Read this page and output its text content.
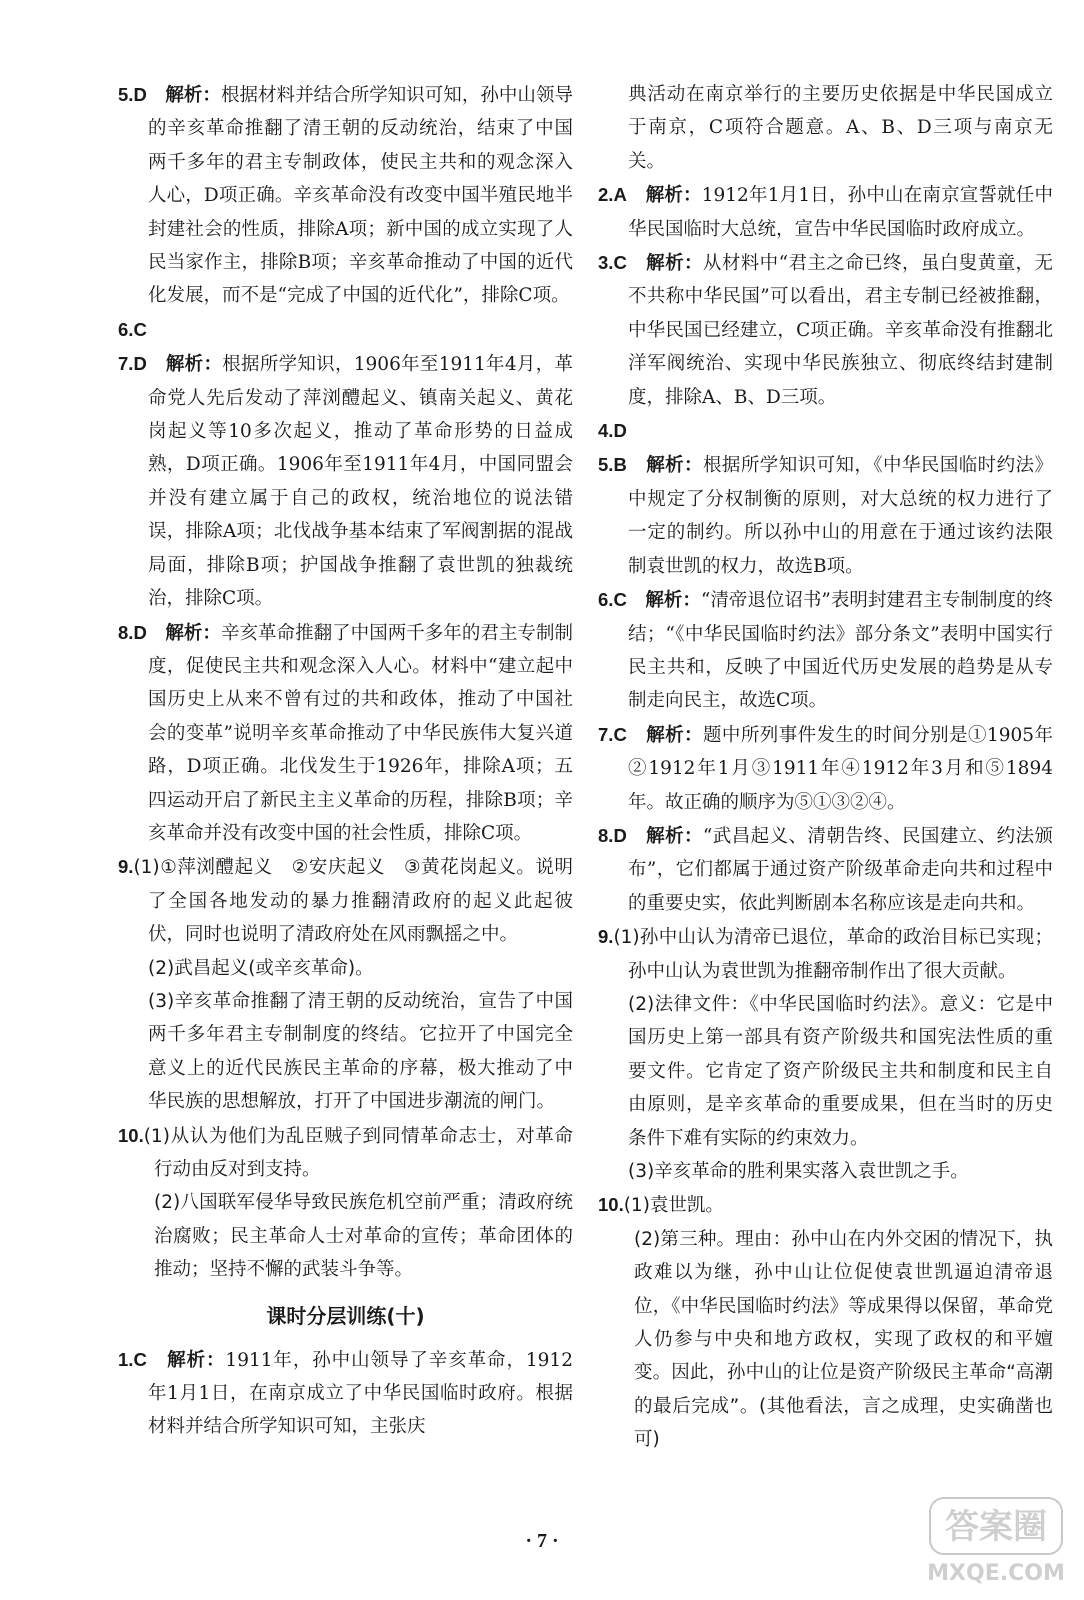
5.D　 解析：根据材料并结合所学知识可知，孙中山领导的辛亥革命推翻了清王朝的反动统治，结束了中国两千多年的君主专制政体，使民主共和的观念深入人心，D项正确。辛亥革命没有改变中国半殖民地半封建社会的性质，排除A项；新中国的成立实现了人民当家作主，排除B项；辛亥革命推动了中国的近代化发展，而不是“完成了中国的近代化”，排除C项。

6.C

7.D　 解析：根据所学知识，1906年至1911年4月，革命党人先后发动了萍浏醴起义、镇南关起义、黄花岗起义等10多次起义，推动了革命形势的日益成熟，D项正确。1906年至1911年4月，中国同盟会并没有建立属于自己的政权，统治地位的说法错误，排除A项；北伐战争基本结束了军阀割据的混战局面，排除B项；护国战争推翻了袁世凯的独裁统治，排除C项。

8.D　 解析：辛亥革命推翻了中国两千多年的君主专制制度，促使民主共和观念深入人心。材料中“建立起中国历史上从来不曾有过的共和政体，推动了中国社会的变革”说明辛亥革命推动了中华民族伟大复兴道路，D项正确。北伐发生于1926年，排除A项；五四运动开启了新民主主义革命的历程，排除B项；辛亥革命并没有改变中国的社会性质，排除C项。

9.(1)①萍浏醴起义　②安庆起义　③黄花岗起义。说明了全国各地发动的暴力推翻清政府的起义此起彼伏，同时也说明了清政府处在风雨飘摇之中。

(2)武昌起义(或辛亥革命)。

(3)辛亥革命推翻了清王朝的反动统治，宣告了中国两千多年君主专制制度的终结。它拉开了中国完全意义上的近代民族民主革命的序幕，极大推动了中华民族的思想解放，打开了中国进步潮流的闸门。

10.(1)从认为他们为乱臣贼子到同情革命志士，对革命行动由反对到支持。

(2)八国联军侵华导致民族危机空前严重；清政府统治腐败；民主革命人士对革命的宣传；革命团体的推动；坚持不懈的武装斗争等。

课时分层训练(十)

1.C　 解析：1911年，孙中山领导了辛亥革命，1912年1月1日，在南京成立了中华民国临时政府。根据材料并结合所学知识可知，主张庆

典活动在南京举行的主要历史依据是中华民国成立于南京，C项符合题意。A、B、D三项与南京无关。

2.A　 解析：1912年1月1日，孙中山在南京宣誓就任中华民国临时大总统，宣告中华民国临时政府成立。

3.C　 解析：从材料中“君主之命已终，虽白叟黄童，无不共称中华民国”可以看出，君主专制已经被推翻，中华民国已经建立，C项正确。辛亥革命没有推翻北洋军阀统治、实现中华民族独立、彻底终结封建制度，排除A、B、D三项。

4.D

5.B　 解析：根据所学知识可知，《中华民国临时约法》中规定了分权制衡的原则，对大总统的权力进行了一定的制约。所以孙中山的用意在于通过该约法限制袁世凯的权力，故选B项。

6.C　 解析：“清帝退位诏书”表明封建君主专制制度的终结；“《中华民国临时约法》部分条文”表明中国实行民主共和，反映了中国近代历史发展的趋势是从专制走向民主，故选C项。

7.C　 解析：题中所列事件发生的时间分别是①1905年②1912年1月③1911年④1912年3月和⑤1894年。故正确的顺序为⑤①③②④。

8.D　 解析：“武昌起义、清朝告终、民国建立、约法颁布”，它们都属于通过资产阶级革命走向共和过程中的重要史实，依此判断剧本名称应该是走向共和。

9.(1)孙中山认为清帝已退位，革命的政治目标已实现；孙中山认为袁世凯为推翻帝制作出了很大贡献。

(2)法律文件：《中华民国临时约法》。意义：它是中国历史上第一部具有资产阶级共和国宪法性质的重要文件。它肯定了资产阶级民主共和制度和民主自由原则，是辛亥革命的重要成果，但在当时的历史条件下难有实际的约束效力。

(3)辛亥革命的胜利果实落入袁世凯之手。

10.(1)袁世凯。

(2)第三种。理由：孙中山在内外交困的情况下，执政难以为继，孙中山让位促使袁世凯逼迫清帝退位，《中华民国临时约法》等成果得以保留，革命党人仍参与中央和地方政权，实现了政权的和平嬗变。因此，孙中山的让位是资产阶级民主革命“高潮的最后完成”。(其他看法，言之成理，史实确凿也可)

· 7 ·	答案圈
MXQE.COM
